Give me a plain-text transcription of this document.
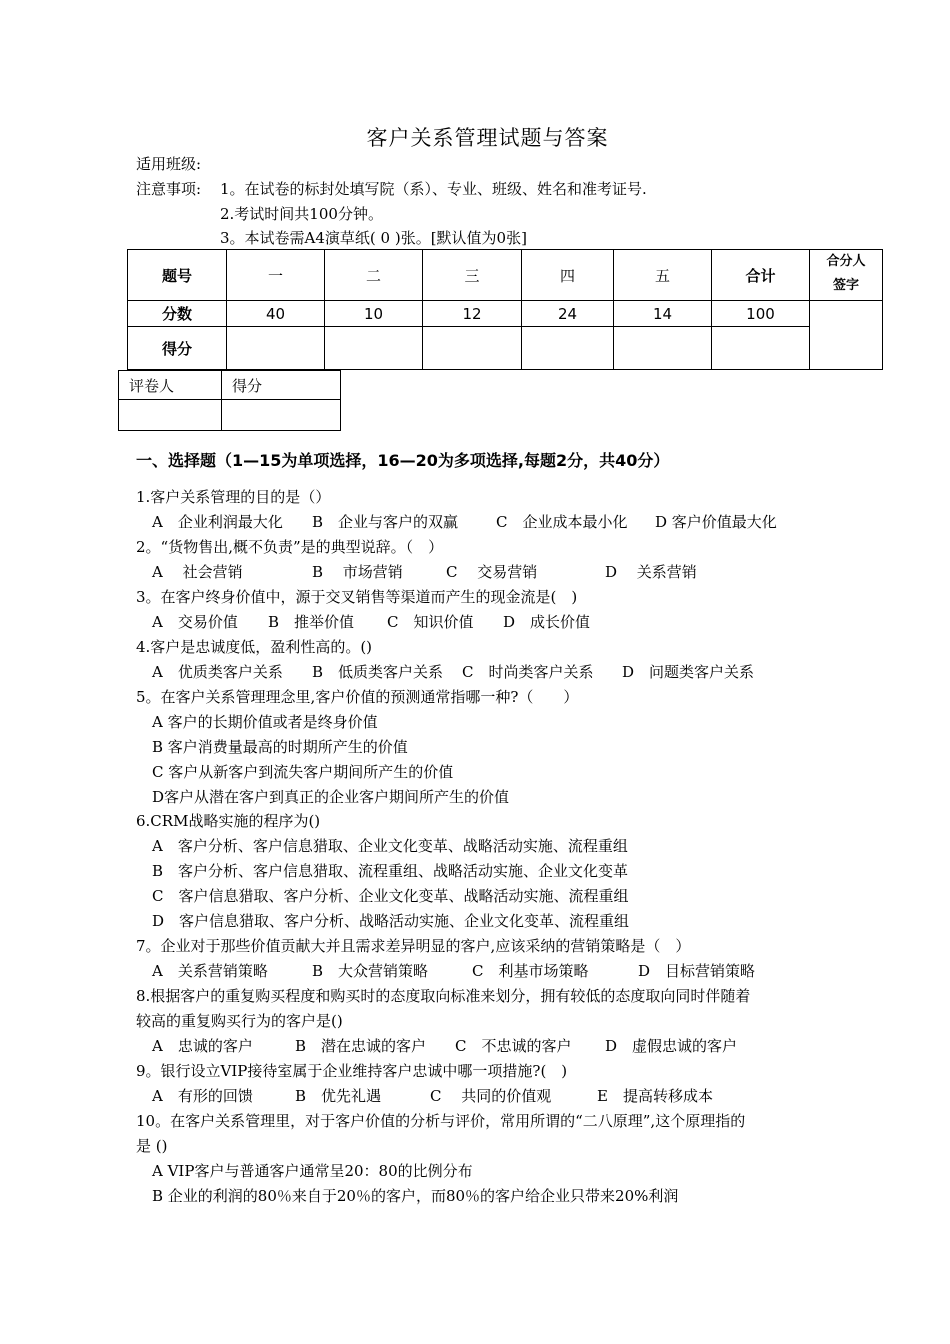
客户关系管理试题与答案
适用班级:
注意事项: 1。在试卷的标封处填写院（系）、专业、班级、姓名和准考证号.
2.考试时间共100分钟。
3。本试卷需A4演草纸( 0 )张。[默认值为0张]
题号	一	二	三	四	五	合计	合分人
签字

分数	40	10	12	24	14	100	
得分							
评卷人	得分

一、选择题（1—15为单项选择，16—20为多项选择,每题2分，共40分）
1.客户关系管理的目的是（）
A　企业利润最大化 B　企业与客户的双赢	C　企业成本最小化 D 客户价值最大化
2。“货物售出,概不负责”是的典型说辞。（　）
A　 社会营销	B　 市场营销	C　 交易营销	D　 关系营销
3。在客户终身价值中，源于交叉销售等渠道而产生的现金流是(　)
A　交易价值 B　推举价值 C　知识价值 D　成长价值
4.客户是忠诚度低，盈利性高的。()
A　优质类客户关系 B　低质类客户关系 C　时尚类客户关系 D　问题类客户关系
5。在客户关系管理理念里,客户价值的预测通常指哪一种?（　　）
A 客户的长期价值或者是终身价值
B 客户消费量最高的时期所产生的价值
C 客户从新客户到流失客户期间所产生的价值
D客户从潜在客户到真正的企业客户期间所产生的价值
6.CRM战略实施的程序为()
A　客户分析、客户信息猎取、企业文化变革、战略活动实施、流程重组
B　客户分析、客户信息猎取、流程重组、战略活动实施、企业文化变革
C　客户信息猎取、客户分析、企业文化变革、战略活动实施、流程重组
D　客户信息猎取、客户分析、战略活动实施、企业文化变革、流程重组
7。企业对于那些价值贡献大并且需求差异明显的客户,应该采纳的营销策略是（　）
A　关系营销策略	B　大众营销策略	C　利基市场策略	D　目标营销策略
8.根据客户的重复购买程度和购买时的态度取向标准来划分，拥有较低的态度取向同时伴随着
较高的重复购买行为的客户是()
A　忠诚的客户	B　潜在忠诚的客户 C　不忠诚的客户 D　虚假忠诚的客户
9。银行设立VIP接待室属于企业维持客户忠诚中哪一项措施?(　)
A　有形的回馈	B　优先礼遇	C　 共同的价值观	E　提高转移成本
10。在客户关系管理里，对于客户价值的分析与评价，常用所谓的“二八原理”,这个原理指的
是 ()
A VIP客户与普通客户通常呈20：80的比例分布
B 企业的利润的80％来自于20％的客户，而80％的客户给企业只带来20%利润
